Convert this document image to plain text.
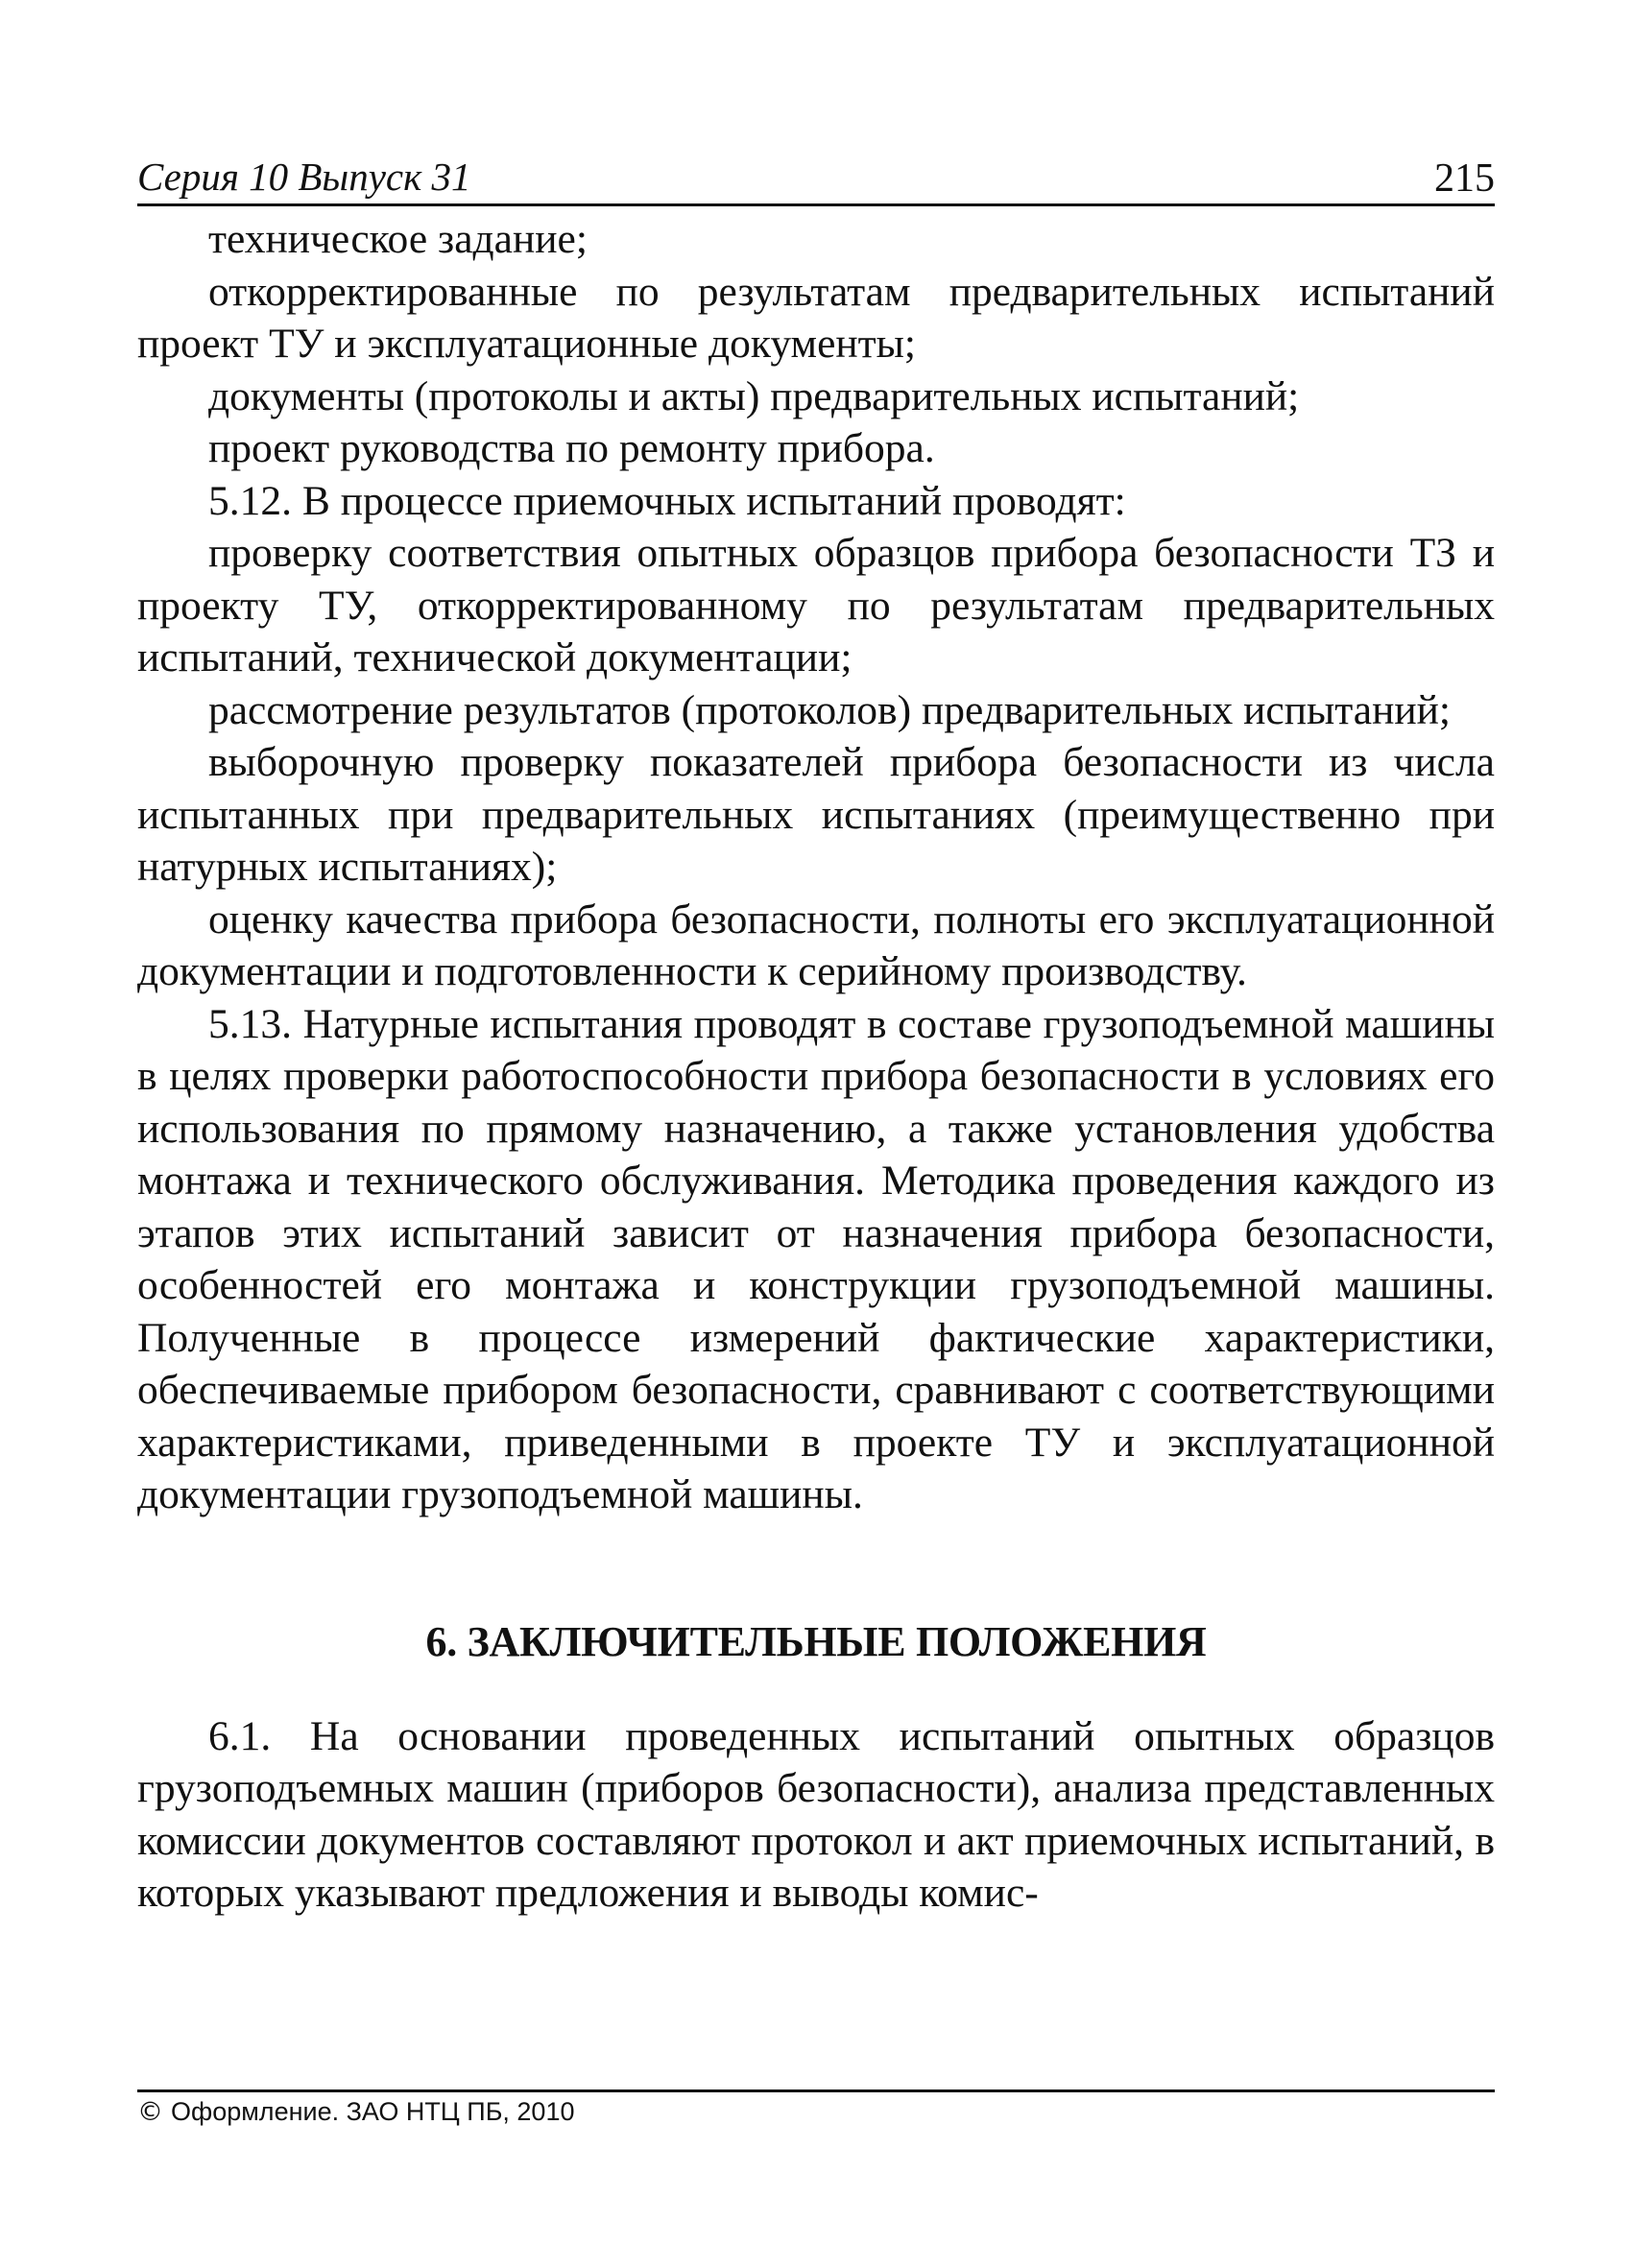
Серия 10 Выпуск 31	215

техническое задание;

откорректированные по результатам предварительных испытаний проект ТУ и эксплуатационные документы;

документы (протоколы и акты) предварительных испытаний;

проект руководства по ремонту прибора.

5.12. В процессе приемочных испытаний проводят:

проверку соответствия опытных образцов прибора безопасности ТЗ и проекту ТУ, откорректированному по результатам предварительных испытаний, технической документации;

рассмотрение результатов (протоколов) предварительных испытаний;

выборочную проверку показателей прибора безопасности из числа испытанных при предварительных испытаниях (преимущественно при натурных испытаниях);

оценку качества прибора безопасности, полноты его эксплуатационной документации и подготовленности к серийному производству.

5.13. Натурные испытания проводят в составе грузоподъемной машины в целях проверки работоспособности прибора безопасности в условиях его использования по прямому назначению, а также установления удобства монтажа и технического обслуживания. Методика проведения каждого из этапов этих испытаний зависит от назначения прибора безопасности, особенностей его монтажа и конструкции грузоподъемной машины. Полученные в процессе измерений фактические характеристики, обеспечиваемые прибором безопасности, сравнивают с соответствующими характеристиками, приведенными в проекте ТУ и эксплуатационной документации грузоподъемной машины.

6. ЗАКЛЮЧИТЕЛЬНЫЕ ПОЛОЖЕНИЯ

6.1. На основании проведенных испытаний опытных образцов грузоподъемных машин (приборов безопасности), анализа представленных комиссии документов составляют протокол и акт приемочных испытаний, в которых указывают предложения и выводы комис-

© Оформление. ЗАО НТЦ ПБ, 2010
